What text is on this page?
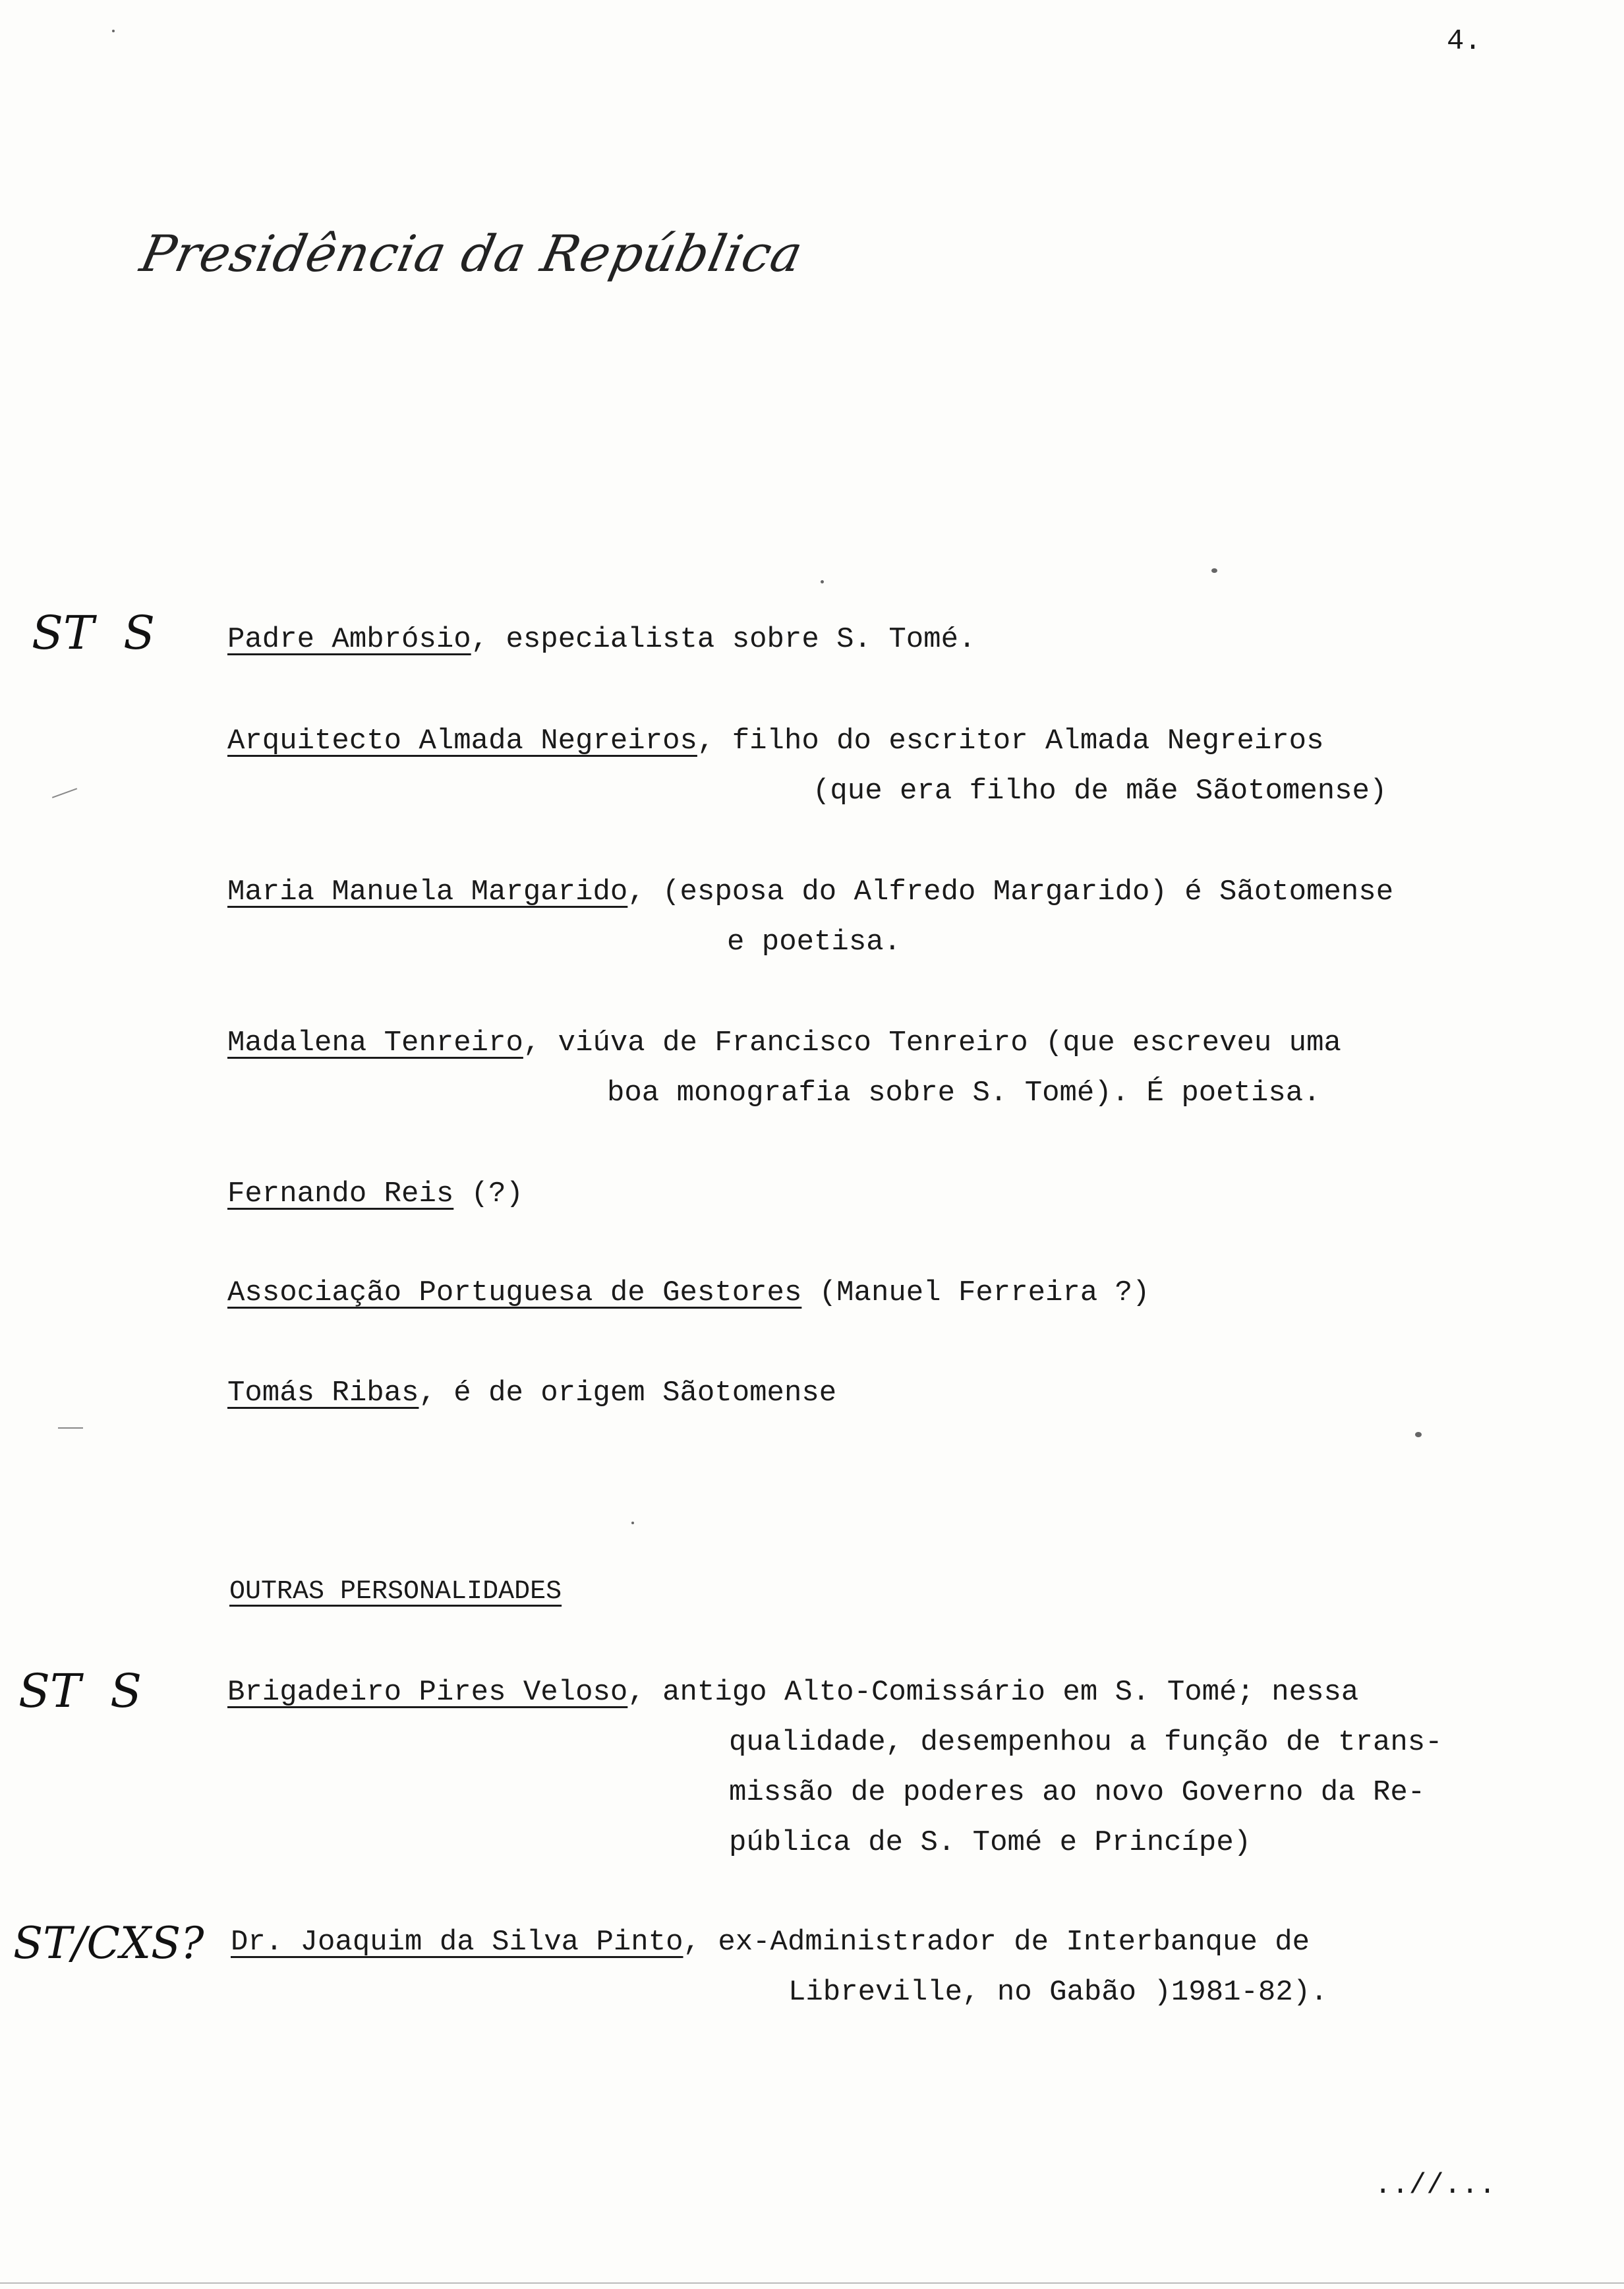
4.
Presidência da República
ST  S
ST  S
ST/CXS?
Padre Ambrósio, especialista sobre S. Tomé.
Arquitecto Almada Negreiros, filho do escritor Almada Negreiros
(que era filho de mãe Sãotomense)
Maria Manuela Margarido, (esposa do Alfredo Margarido) é Sãotomense
e poetisa.
Madalena Tenreiro, viúva de Francisco Tenreiro (que escreveu uma
boa monografia sobre S. Tomé). É poetisa.
Fernando Reis (?)
Associação Portuguesa de Gestores (Manuel Ferreira ?)
Tomás Ribas, é de origem Sãotomense
OUTRAS PERSONALIDADES
Brigadeiro Pires Veloso, antigo Alto-Comissário em S. Tomé; nessa
qualidade, desempenhou a função de trans-
missão de poderes ao novo Governo da Re-
pública de S. Tomé e Princípe)
Dr. Joaquim da Silva Pinto, ex-Administrador de Interbanque de
Libreville, no Gabão )1981-82).
..//...
